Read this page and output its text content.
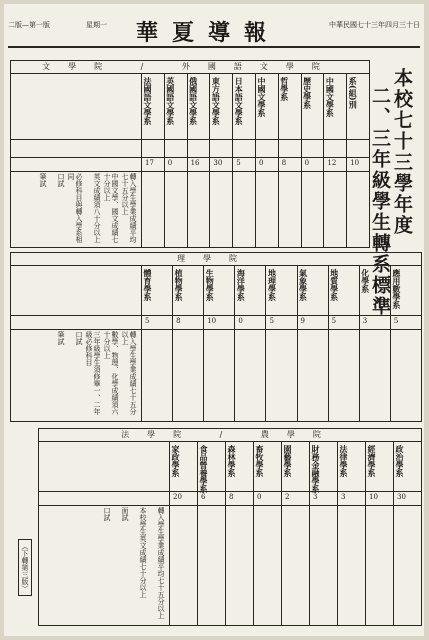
二版—第一版	星期一 華夏導報	中華民國七十三年四月三十日
本校七十三學年度
二、三年級學生轉系標準
文學院 / 外國語文學院
系(組)別
10
中國文學系
12
歷史學系
0
哲學系
8
中國文學系
0
日本語文學系
5
東方語文學系
30
俄國語文學系
16
英國語文學系
0
法國語文學系
17
轉入學生學業成績平均七十五分以上
中國文學、國文成績七十分以上
英文成績須八十分以上
必修科目與轉入學系相同
口試
筆試
理學院
應用數學系
5
化學系
3
地質學系
5
氣象學系
9
地理學系
5
海洋學系
0
生物學系
10
植物學系
8
體育學系
5
轉入學生學業成績七十五分以上
數學、物理、化學成績須六十分以上
三年級學生須修畢一、二年級必修科目
口試
筆試
法學院 / 農學院
政治學系
30
經濟學系
10
法律學系
3
財務金融學系
3
園藝學系
2
畜牧學系
0
森林學系
8
食品營養學系
6
家政學系
20
轉入學生學業成績平均七十五分以上
本校學生英文成績七十分以上
面試
口試
（下轉第三版）
